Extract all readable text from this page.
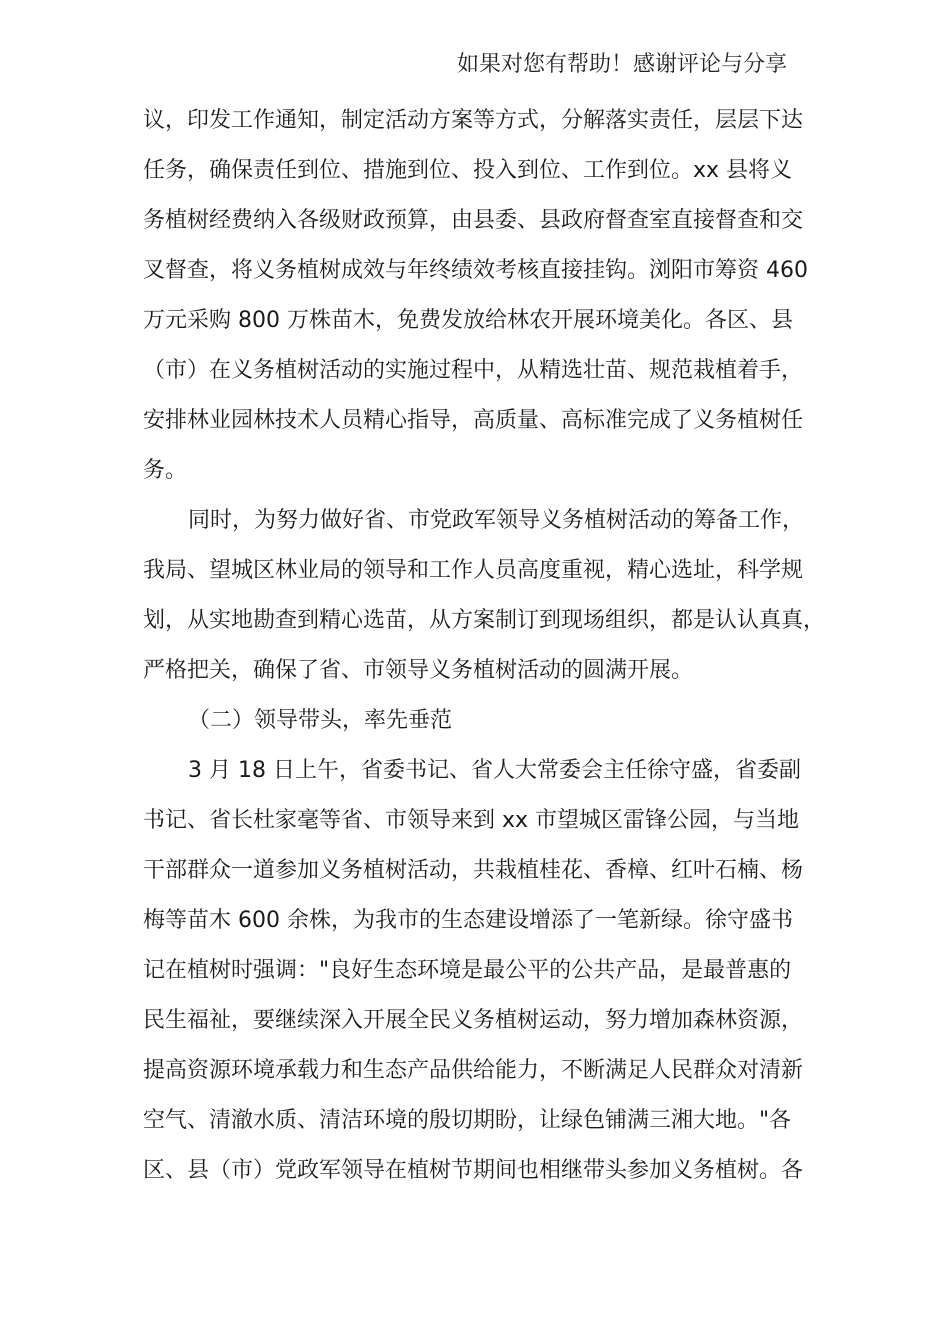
如果对您有帮助！感谢评论与分享
议，印发工作通知，制定活动方案等方式，分解落实责任，层层下达
任务，确保责任到位、措施到位、投入到位、工作到位。xx 县将义
务植树经费纳入各级财政预算，由县委、县政府督查室直接督查和交
叉督查，将义务植树成效与年终绩效考核直接挂钩。浏阳市筹资 460
万元采购 800 万株苗木，免费发放给林农开展环境美化。各区、县
（市）在义务植树活动的实施过程中，从精选壮苗、规范栽植着手，
安排林业园林技术人员精心指导，高质量、高标准完成了义务植树任
务。
同时，为努力做好省、市党政军领导义务植树活动的筹备工作，
我局、望城区林业局的领导和工作人员高度重视，精心选址，科学规
划，从实地勘查到精心选苗，从方案制订到现场组织，都是认认真真，
严格把关，确保了省、市领导义务植树活动的圆满开展。
（二）领导带头，率先垂范
3 月 18 日上午，省委书记、省人大常委会主任徐守盛，省委副
书记、省长杜家毫等省、市领导来到 xx 市望城区雷锋公园，与当地
干部群众一道参加义务植树活动，共栽植桂花、香樟、红叶石楠、杨
梅等苗木 600 余株，为我市的生态建设增添了一笔新绿。徐守盛书
记在植树时强调："良好生态环境是最公平的公共产品，是最普惠的
民生福祉，要继续深入开展全民义务植树运动，努力增加森林资源，
提高资源环境承载力和生态产品供给能力，不断满足人民群众对清新
空气、清澈水质、清洁环境的殷切期盼，让绿色铺满三湘大地。"各
区、县（市）党政军领导在植树节期间也相继带头参加义务植树。各
